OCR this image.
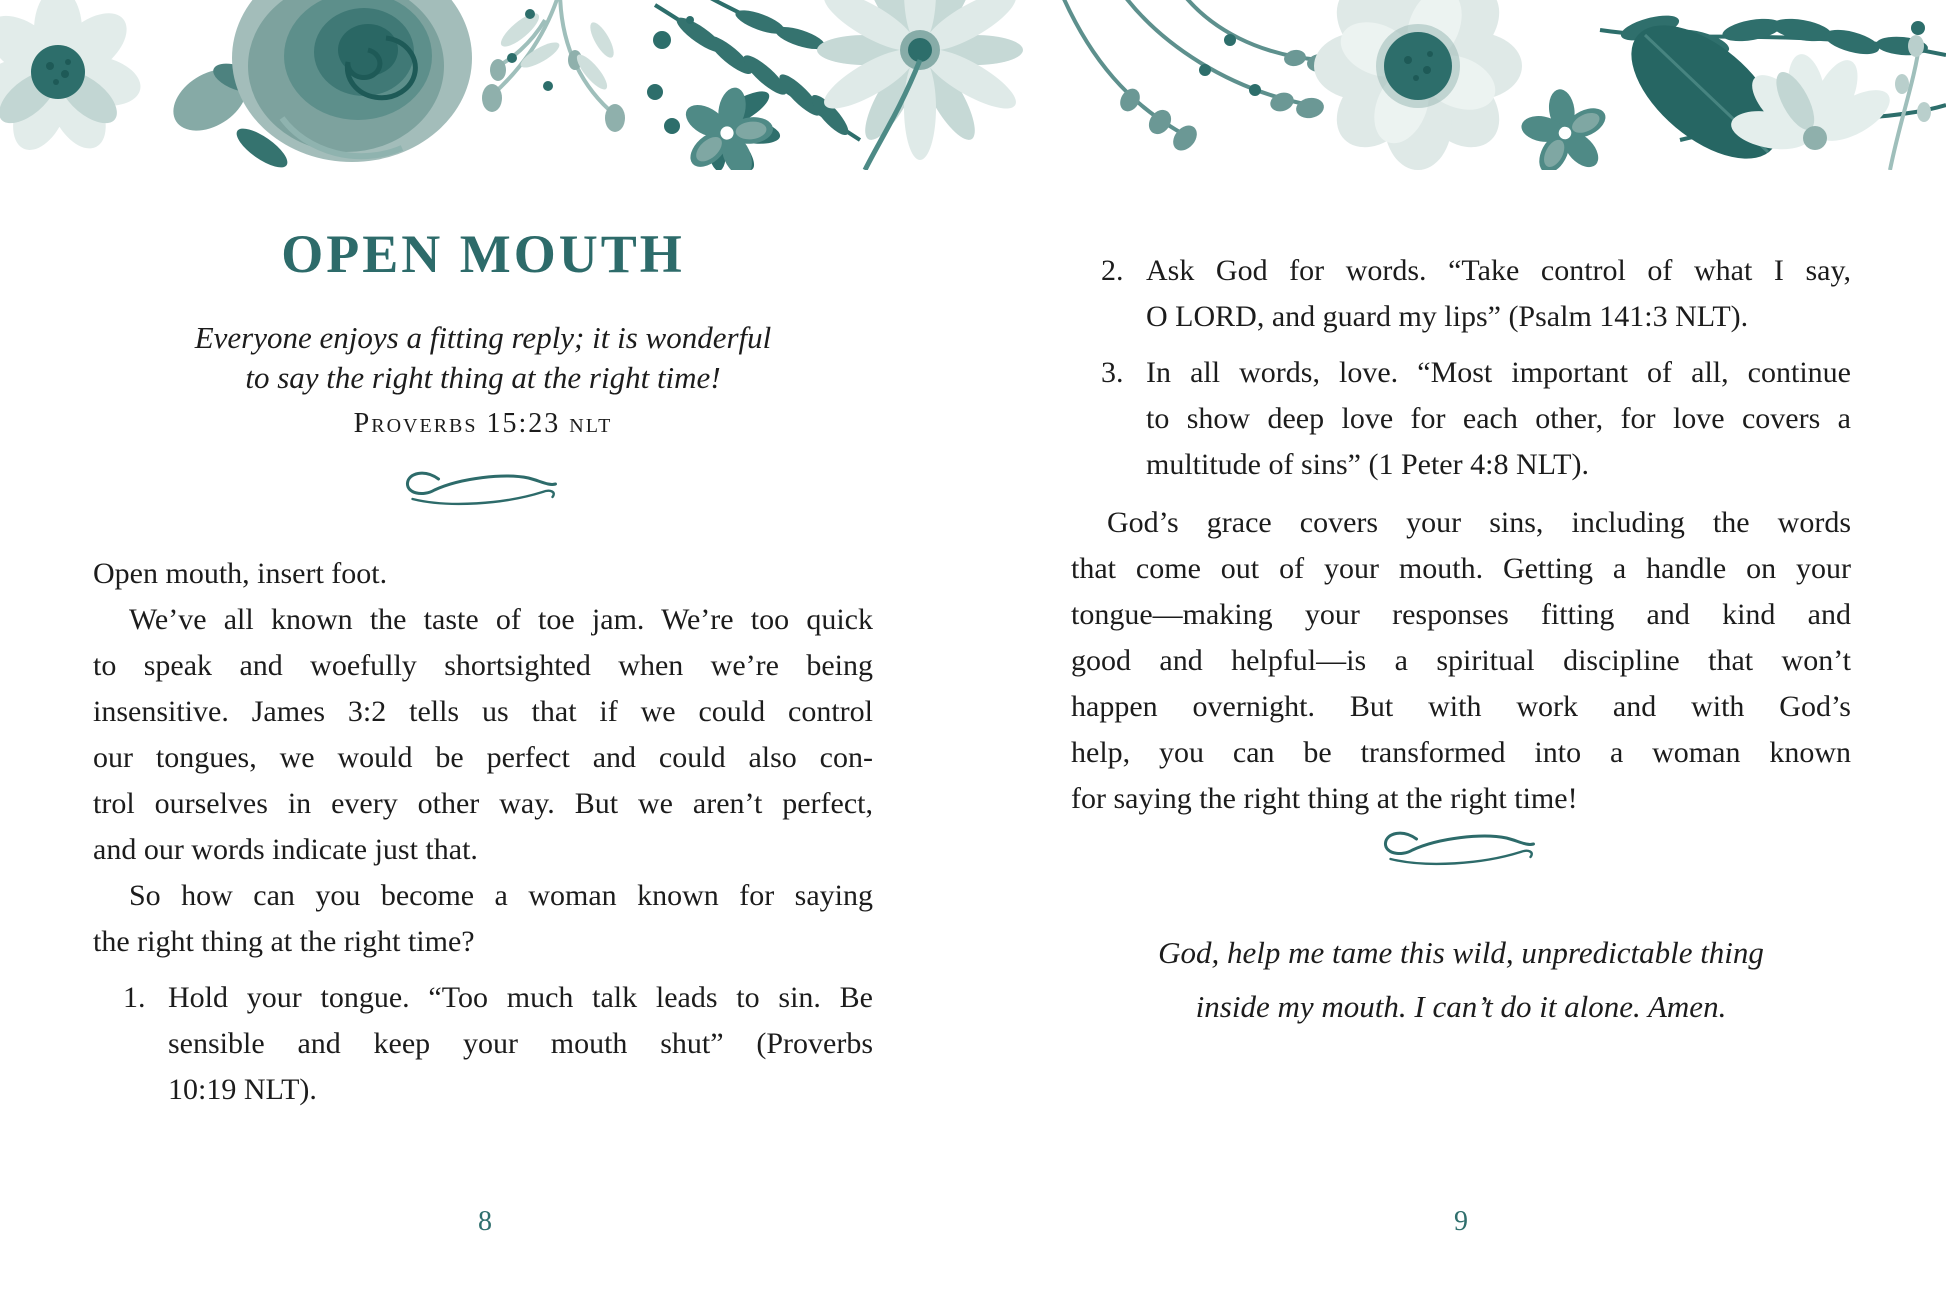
OPEN MOUTH
Everyone enjoys a fitting reply; it is wonderful
to say the right thing at the right time!
Proverbs 15:23 nlt
Open mouth, insert foot.
We’ve all known the taste of toe jam. We’re too quick
to speak and woefully shortsighted when we’re being
insensitive. James 3:2 tells us that if we could control
our tongues, we would be perfect and could also con-
trol ourselves in every other way. But we aren’t perfect,
and our words indicate just that.
So how can you become a woman known for saying
the right thing at the right time?
1. Hold your tongue. “Too much talk leads to sin. Be
sensible and keep your mouth shut” (Proverbs
10:19 NLT).
2. Ask God for words. “Take control of what I say,
O LORD, and guard my lips” (Psalm 141:3 NLT).
3. In all words, love. “Most important of all, continue
to show deep love for each other, for love covers a
multitude of sins” (1 Peter 4:8 NLT).
God’s grace covers your sins, including the words
that come out of your mouth. Getting a handle on your
tongue—making your responses fitting and kind and
good and helpful—is a spiritual discipline that won’t
happen overnight. But with work and with God’s
help, you can be transformed into a woman known
for saying the right thing at the right time!
God, help me tame this wild, unpredictable thing
inside my mouth. I can’t do it alone. Amen.
8	9
